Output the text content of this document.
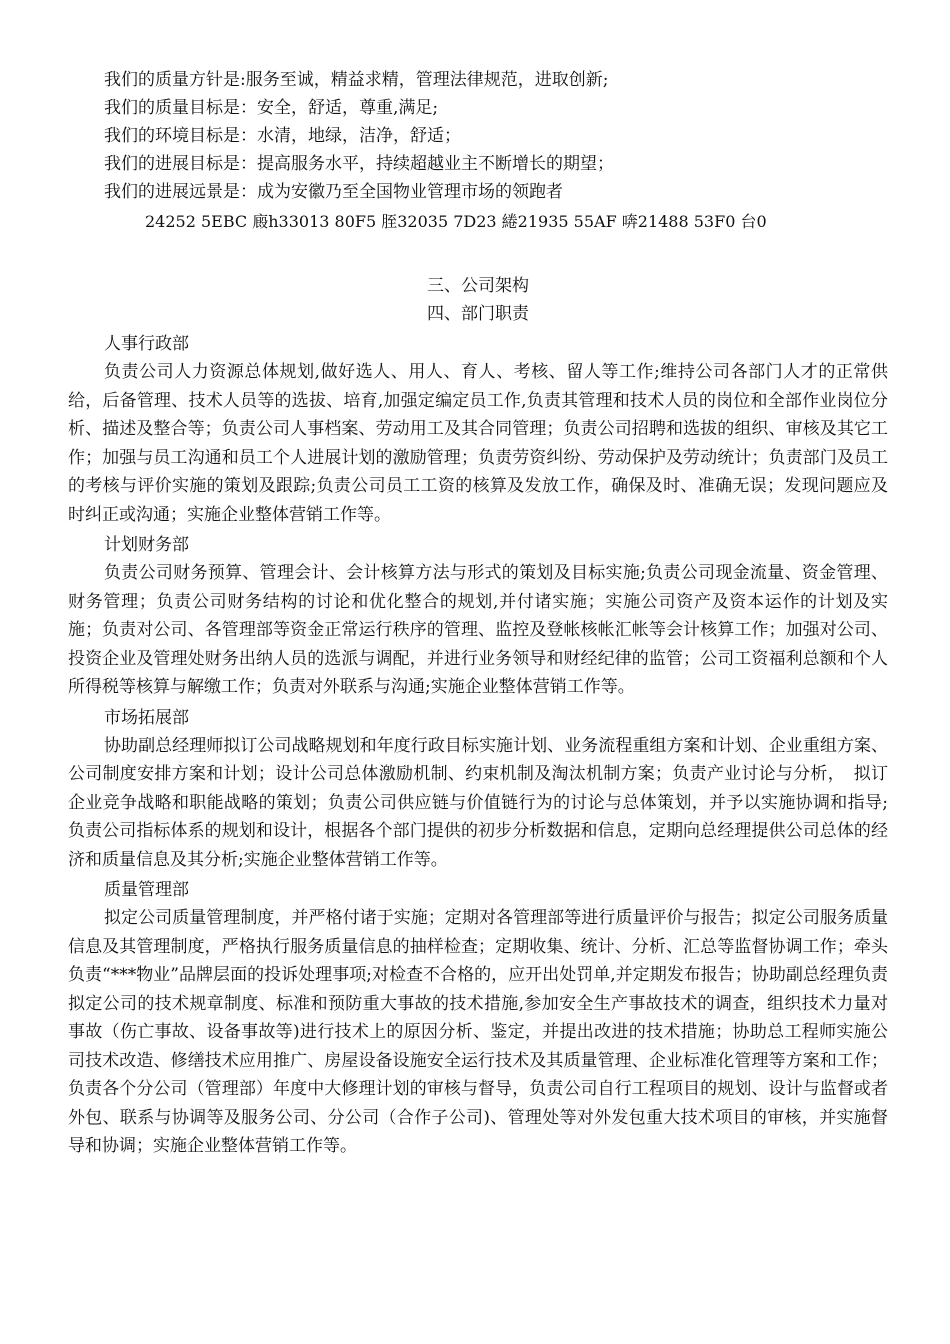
我们的质量方针是:服务至诚，精益求精，管理法律规范，进取创新;
我们的质量目标是：安全，舒适，尊重,满足;
我们的环境目标是：水清，地绿，洁净，舒适；
我们的进展目标是：提高服务水平，持续超越业主不断增长的期望；
我们的进展远景是：成为安徽乃至全国物业管理市场的领跑者
24252 5EBC 廄h33013 80F5 胵32035 7D23 綣21935 55AF 喯21488 53F0 台0
三、公司架构
四、部门职责
人事行政部
负责公司人力资源总体规划,做好选人、用人、育人、考核、留人等工作;维持公司各部门人才的正常供给，后备管理、技术人员等的选拔、培育,加强定编定员工作,负责其管理和技术人员的岗位和全部作业岗位分析、描述及整合等；负责公司人事档案、劳动用工及其合同管理；负责公司招聘和选拔的组织、审核及其它工作；加强与员工沟通和员工个人进展计划的激励管理；负责劳资纠纷、劳动保护及劳动统计；负责部门及员工的考核与评价实施的策划及跟踪;负责公司员工工资的核算及发放工作，确保及时、准确无误；发现问题应及时纠正或沟通；实施企业整体营销工作等。
计划财务部
负责公司财务预算、管理会计、会计核算方法与形式的策划及目标实施;负责公司现金流量、资金管理、财务管理；负责公司财务结构的讨论和优化整合的规划,并付诸实施；实施公司资产及资本运作的计划及实施；负责对公司、各管理部等资金正常运行秩序的管理、监控及登帐核帐汇帐等会计核算工作；加强对公司、投资企业及管理处财务出纳人员的选派与调配，并进行业务领导和财经纪律的监管；公司工资福利总额和个人所得税等核算与解缴工作；负责对外联系与沟通;实施企业整体营销工作等。
市场拓展部
协助副总经理师拟订公司战略规划和年度行政目标实施计划、业务流程重组方案和计划、企业重组方案、公司制度安排方案和计划；设计公司总体激励机制、约束机制及淘汰机制方案；负责产业讨论与分析，　拟订企业竞争战略和职能战略的策划；负责公司供应链与价值链行为的讨论与总体策划，并予以实施协调和指导;负责公司指标体系的规划和设计，根据各个部门提供的初步分析数据和信息，定期向总经理提供公司总体的经济和质量信息及其分析;实施企业整体营销工作等。
质量管理部
拟定公司质量管理制度，并严格付诸于实施；定期对各管理部等进行质量评价与报告；拟定公司服务质量信息及其管理制度，严格执行服务质量信息的抽样检查；定期收集、统计、分析、汇总等监督协调工作；牵头负责“***物业”品牌层面的投诉处理事项;对检查不合格的，应开出处罚单,并定期发布报告；协助副总经理负责拟定公司的技术规章制度、标准和预防重大事故的技术措施,参加安全生产事故技术的调查，组织技术力量对事故（伤亡事故、设备事故等)进行技术上的原因分析、鉴定，并提出改进的技术措施；协助总工程师实施公司技术改造、修缮技术应用推广、房屋设备设施安全运行技术及其质量管理、企业标准化管理等方案和工作；负责各个分公司（管理部）年度中大修理计划的审核与督导，负责公司自行工程项目的规划、设计与监督或者外包、联系与协调等及服务公司、分公司（合作子公司)、管理处等对外发包重大技术项目的审核，并实施督导和协调；实施企业整体营销工作等。
